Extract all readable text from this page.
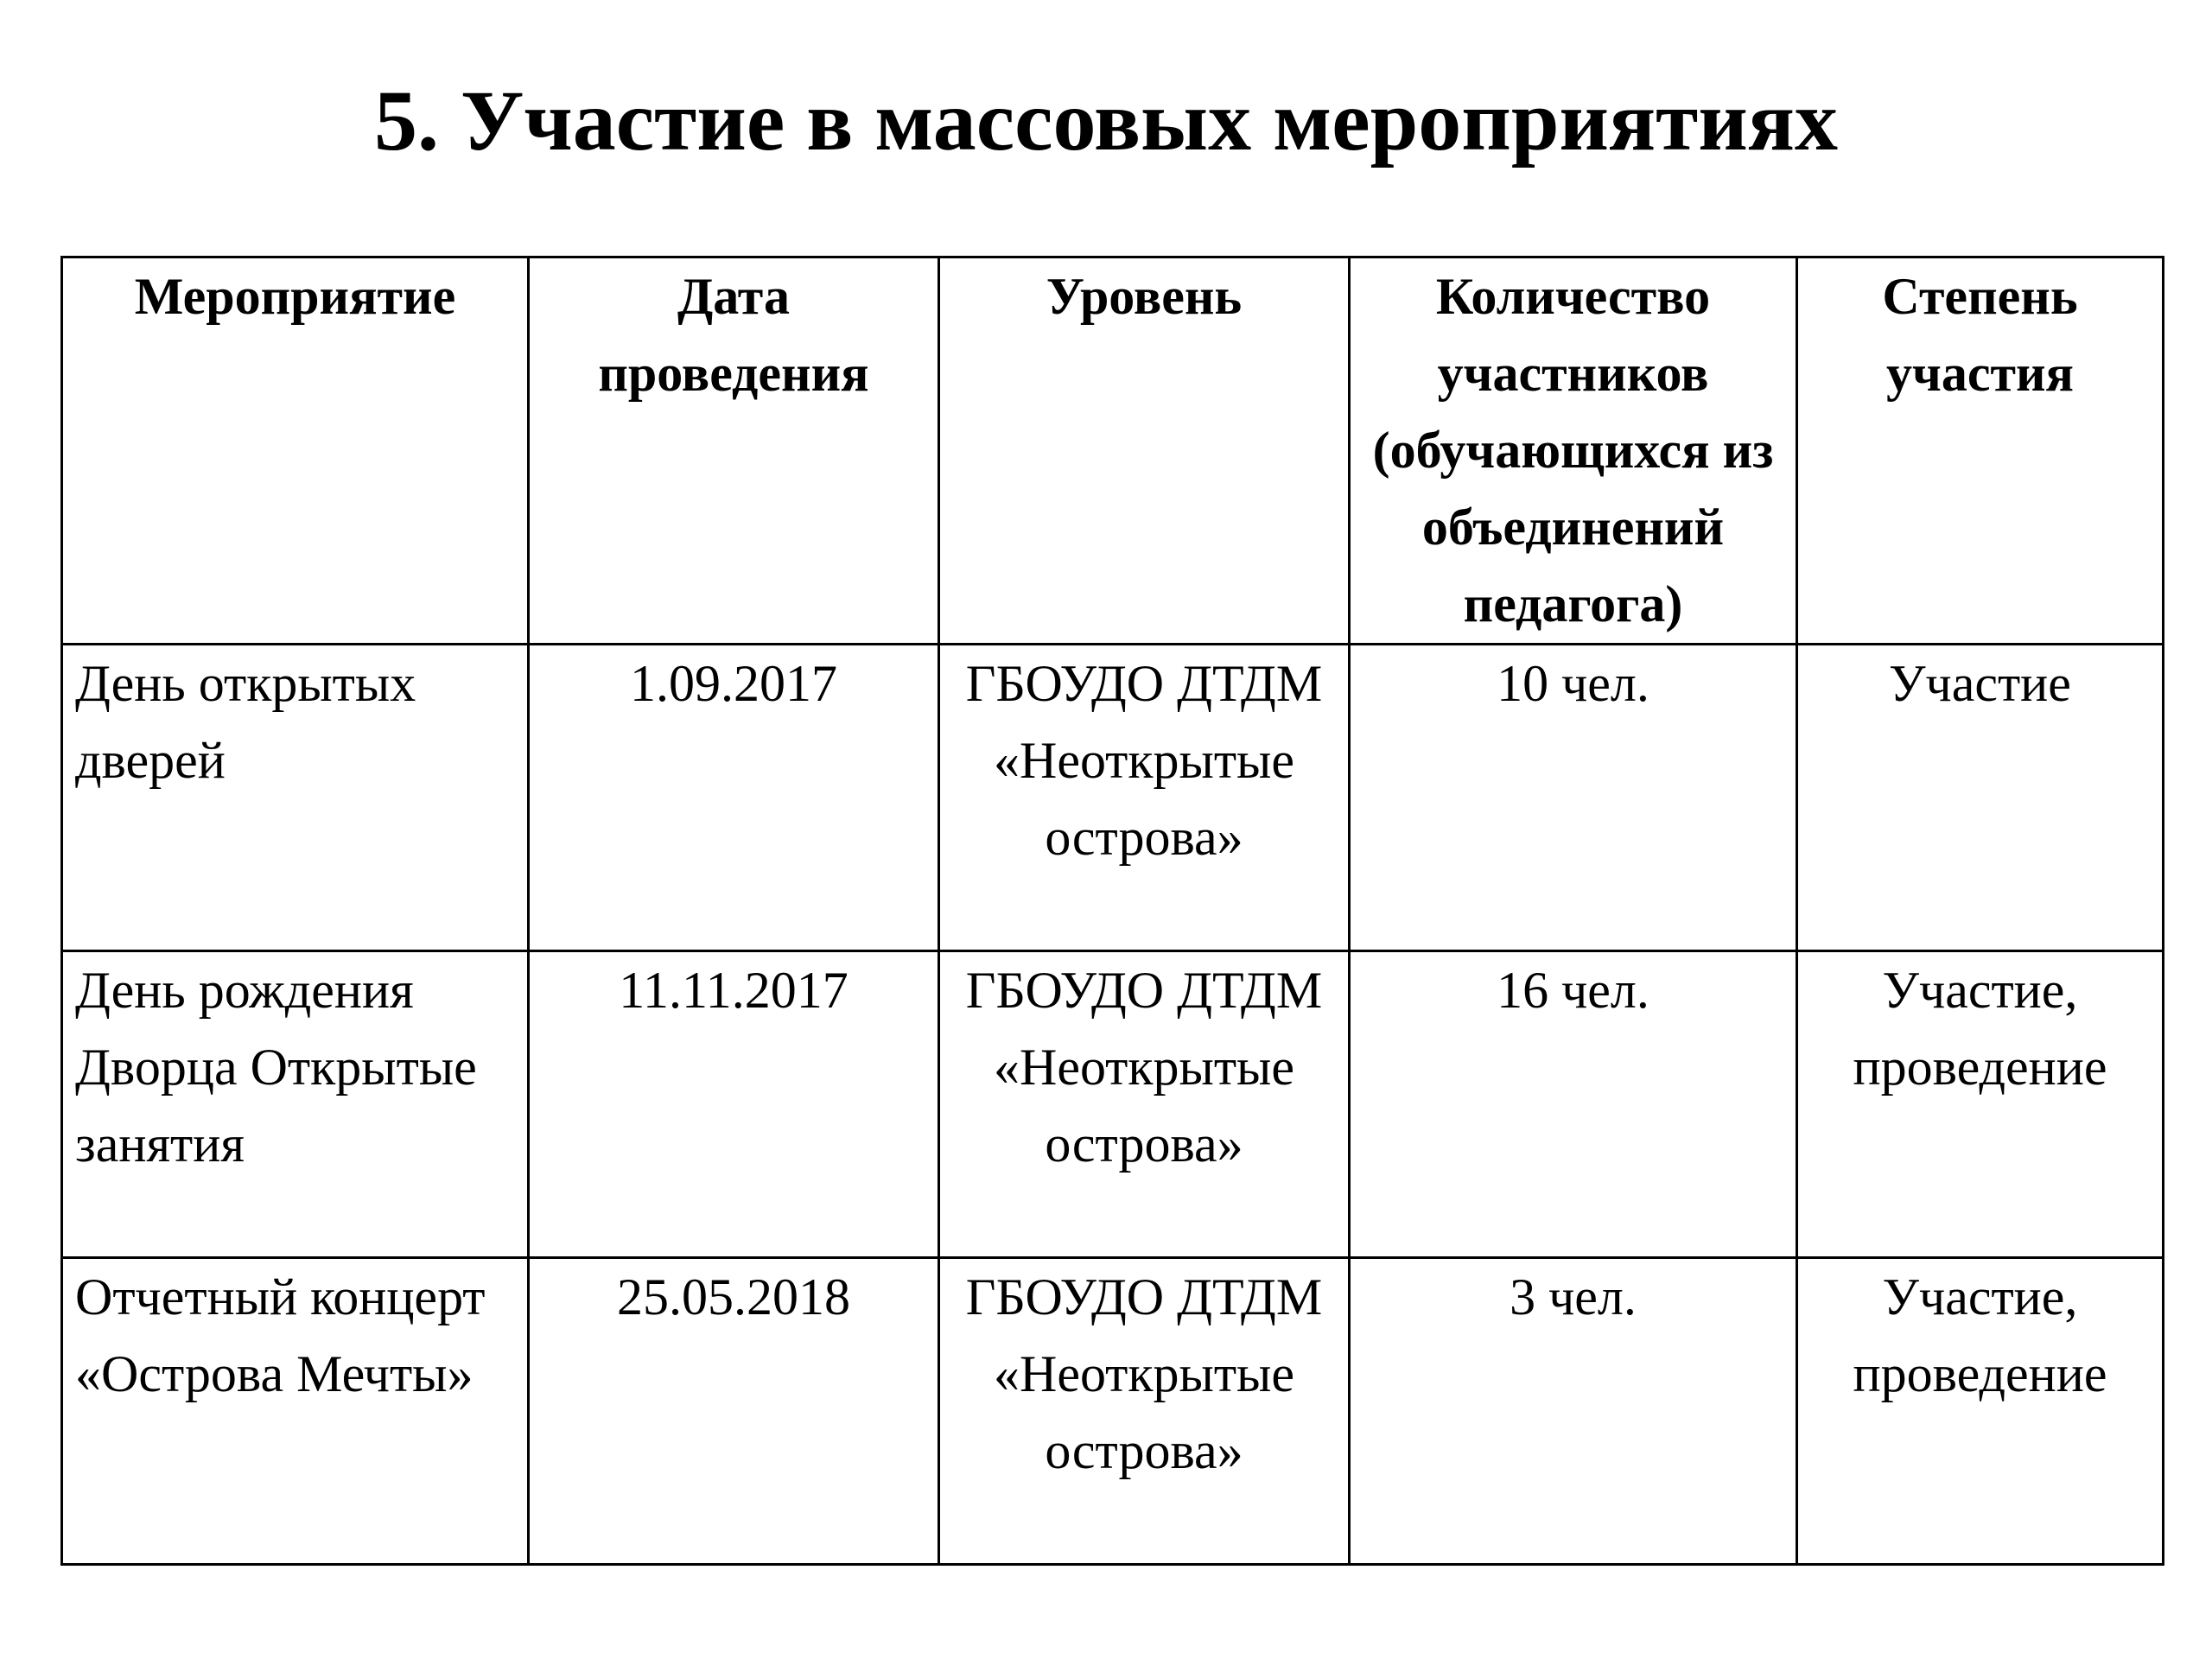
5. Участие в массовых мероприятиях
Мероприятие	Дата проведения	Уровень	Количество участников (обучающихся из объединений педагога)	Степень участия

День открытых дверей	1.09.2017	ГБОУДО ДТДМ «Неоткрытые острова»	10 чел.	Участие

День рождения Дворца Открытые занятия	11.11.2017	ГБОУДО ДТДМ «Неоткрытые острова»	16 чел.	Участие, проведение

Отчетный концерт «Острова Мечты»	25.05.2018	ГБОУДО ДТДМ «Неоткрытые острова»	3 чел.	Участие, проведение
